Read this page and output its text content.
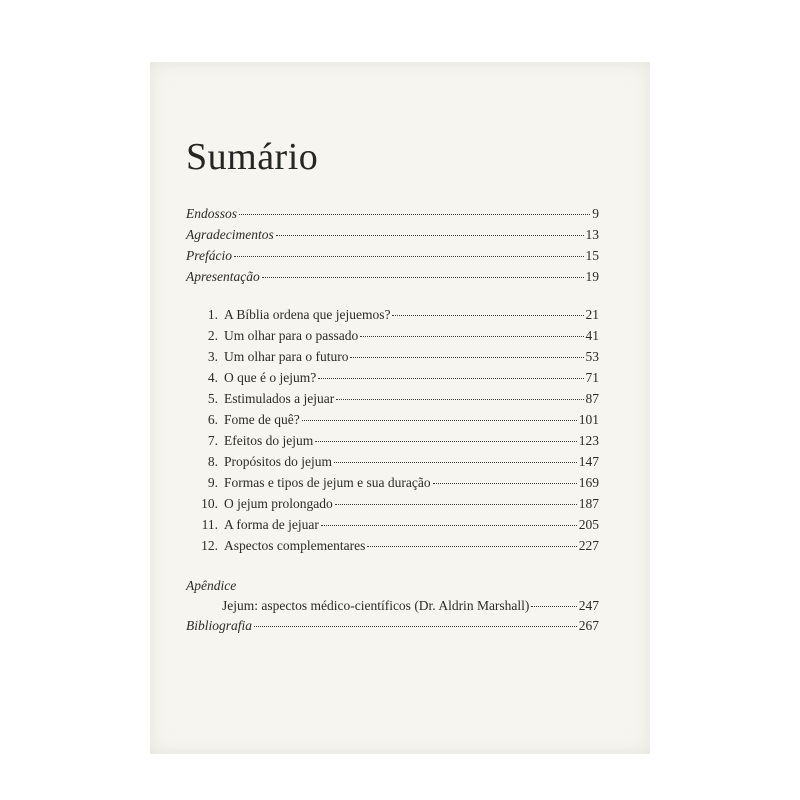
Sumário
Endossos	9
Agradecimentos	13
Prefácio	15
Apresentação	19
1. A Bíblia ordena que jejuemos?	21
2. Um olhar para o passado	41
3. Um olhar para o futuro	53
4. O que é o jejum?	71
5. Estimulados a jejuar	87
6. Fome de quê?	101
7. Efeitos do jejum	123
8. Propósitos do jejum	147
9. Formas e tipos de jejum e sua duração	169
10. O jejum prolongado	187
11. A forma de jejuar	205
12. Aspectos complementares	227
Apêndice
Jejum: aspectos médico-científicos (Dr. Aldrin Marshall)	247
Bibliografia	267
